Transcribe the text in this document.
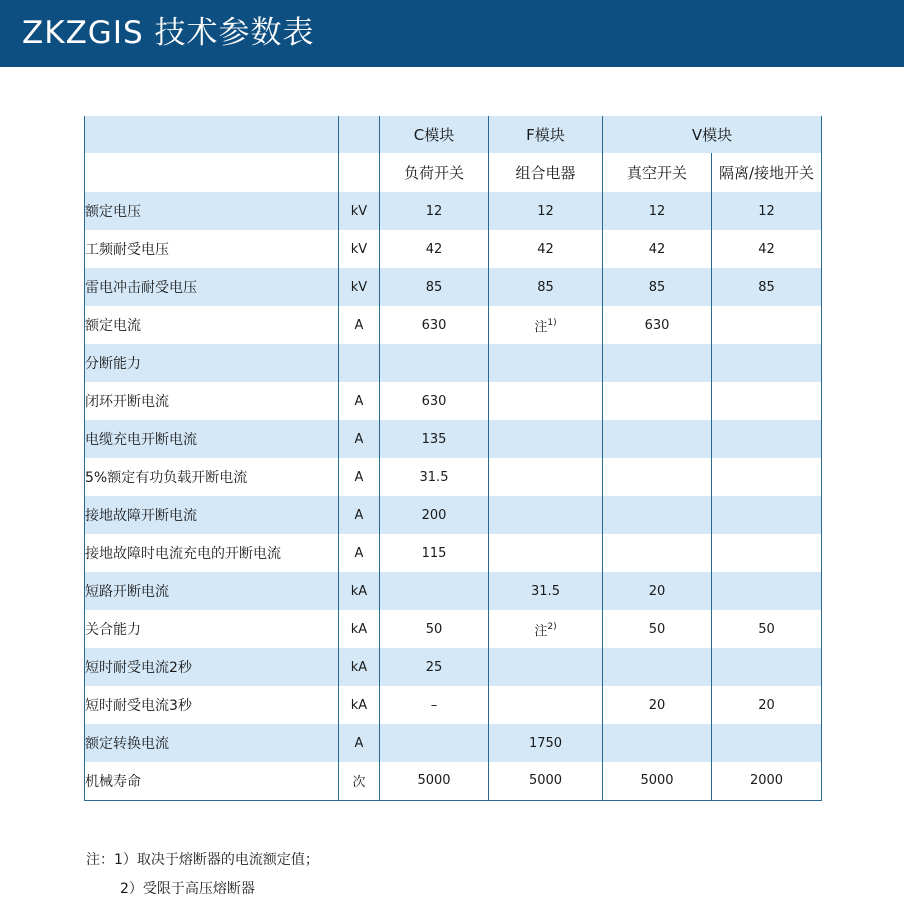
ZKZGIS 技术参数表
		C模块	F模块	V模块	
		负荷开关	组合电器	真空开关	隔离/接地开关
额定电压	kV	12	12	12	12
工频耐受电压	kV	42	42	42	42
雷电冲击耐受电压	kV	85	85	85	85
额定电流	A	630	注$^{1)}$	630	
分断能力					
闭环开断电流	A	630			
电缆充电开断电流	A	135			
5%额定有功负载开断电流	A	31.5			
接地故障开断电流	A	200			
接地故障时电流充电的开断电流	A	115			
短路开断电流	kA		31.5	20	
关合能力	kA	50	注$^{2)}$	50	50
短时耐受电流2秒	kA	25			
短时耐受电流3秒	kA	–		20	20
额定转换电流	A		1750		
机械寿命	次	5000	5000	5000	2000
注：1）取决于熔断器的电流额定值；
2）受限于高压熔断器
